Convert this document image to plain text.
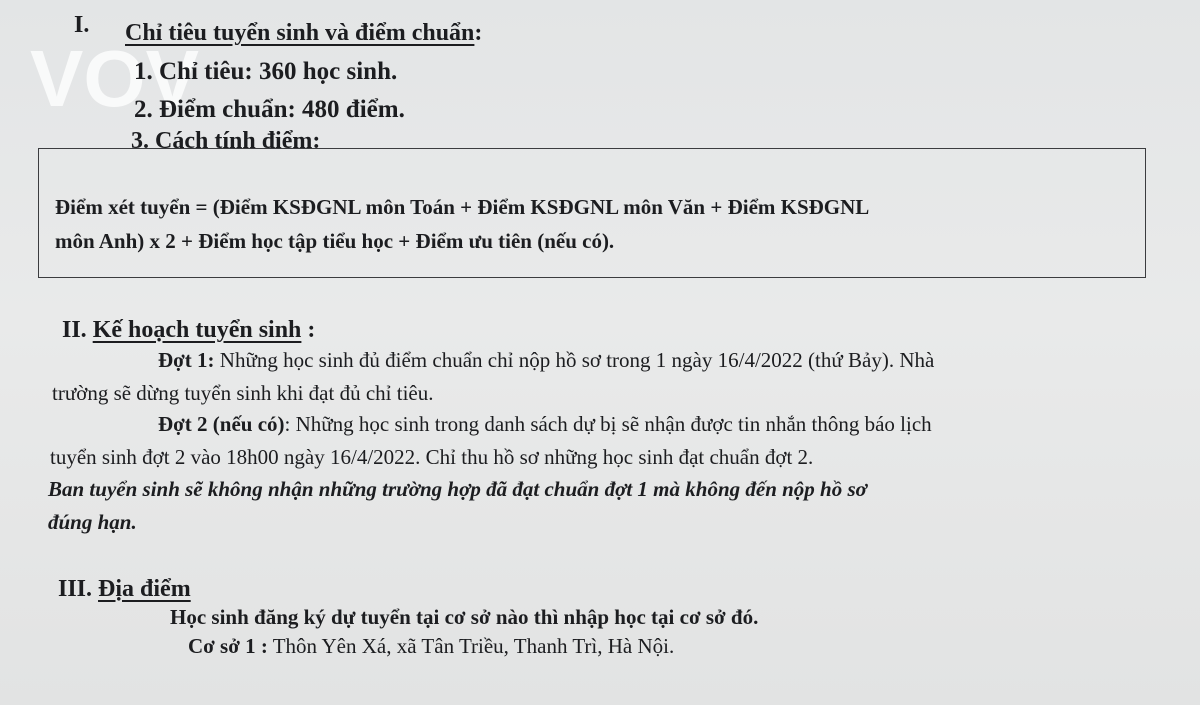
VOV
I. Chỉ tiêu tuyển sinh và điểm chuẩn:
1. Chỉ tiêu: 360 học sinh.
2. Điểm chuẩn: 480 điểm.
3. Cách tính điểm:
Điểm xét tuyển = (Điểm KSĐGNL môn Toán + Điểm KSĐGNL môn Văn + Điểm KSĐGNL
môn Anh) x 2 + Điểm học tập tiểu học + Điểm ưu tiên (nếu có).
II. Kế hoạch tuyển sinh :
Đợt 1: Những học sinh đủ điểm chuẩn chỉ nộp hồ sơ trong 1 ngày 16/4/2022 (thứ Bảy). Nhà
trường sẽ dừng tuyển sinh khi đạt đủ chỉ tiêu.
Đợt 2 (nếu có): Những học sinh trong danh sách dự bị sẽ nhận được tin nhắn thông báo lịch
tuyển sinh đợt 2 vào 18h00 ngày 16/4/2022. Chỉ thu hồ sơ những học sinh đạt chuẩn đợt 2.
Ban tuyển sinh sẽ không nhận những trường hợp đã đạt chuẩn đợt 1 mà không đến nộp hồ sơ
đúng hạn.
III. Địa điểm
Học sinh đăng ký dự tuyển tại cơ sở nào thì nhập học tại cơ sở đó.
Cơ sở 1 : Thôn Yên Xá, xã Tân Triều, Thanh Trì, Hà Nội.
